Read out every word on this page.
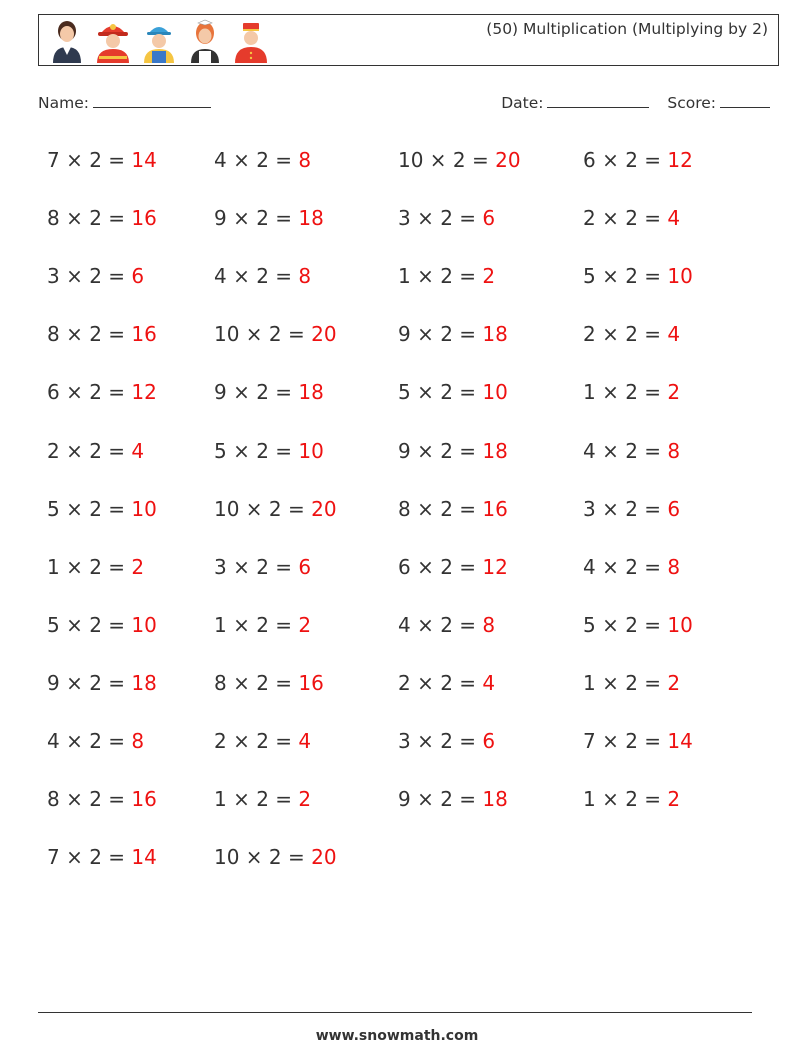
(50) Multiplication (Multiplying by 2)
Name:	Date:	Score:
7 × 2 = 14	4 × 2 = 8	10 × 2 = 20	6 × 2 = 12
8 × 2 = 16	9 × 2 = 18	3 × 2 = 6	2 × 2 = 4
3 × 2 = 6	4 × 2 = 8	1 × 2 = 2	5 × 2 = 10
8 × 2 = 16	10 × 2 = 20	9 × 2 = 18	2 × 2 = 4
6 × 2 = 12	9 × 2 = 18	5 × 2 = 10	1 × 2 = 2
2 × 2 = 4	5 × 2 = 10	9 × 2 = 18	4 × 2 = 8
5 × 2 = 10	10 × 2 = 20	8 × 2 = 16	3 × 2 = 6
1 × 2 = 2	3 × 2 = 6	6 × 2 = 12	4 × 2 = 8
5 × 2 = 10	1 × 2 = 2	4 × 2 = 8	5 × 2 = 10
9 × 2 = 18	8 × 2 = 16	2 × 2 = 4	1 × 2 = 2
4 × 2 = 8	2 × 2 = 4	3 × 2 = 6	7 × 2 = 14
8 × 2 = 16	1 × 2 = 2	9 × 2 = 18	1 × 2 = 2
7 × 2 = 14	10 × 2 = 20
www.snowmath.com
